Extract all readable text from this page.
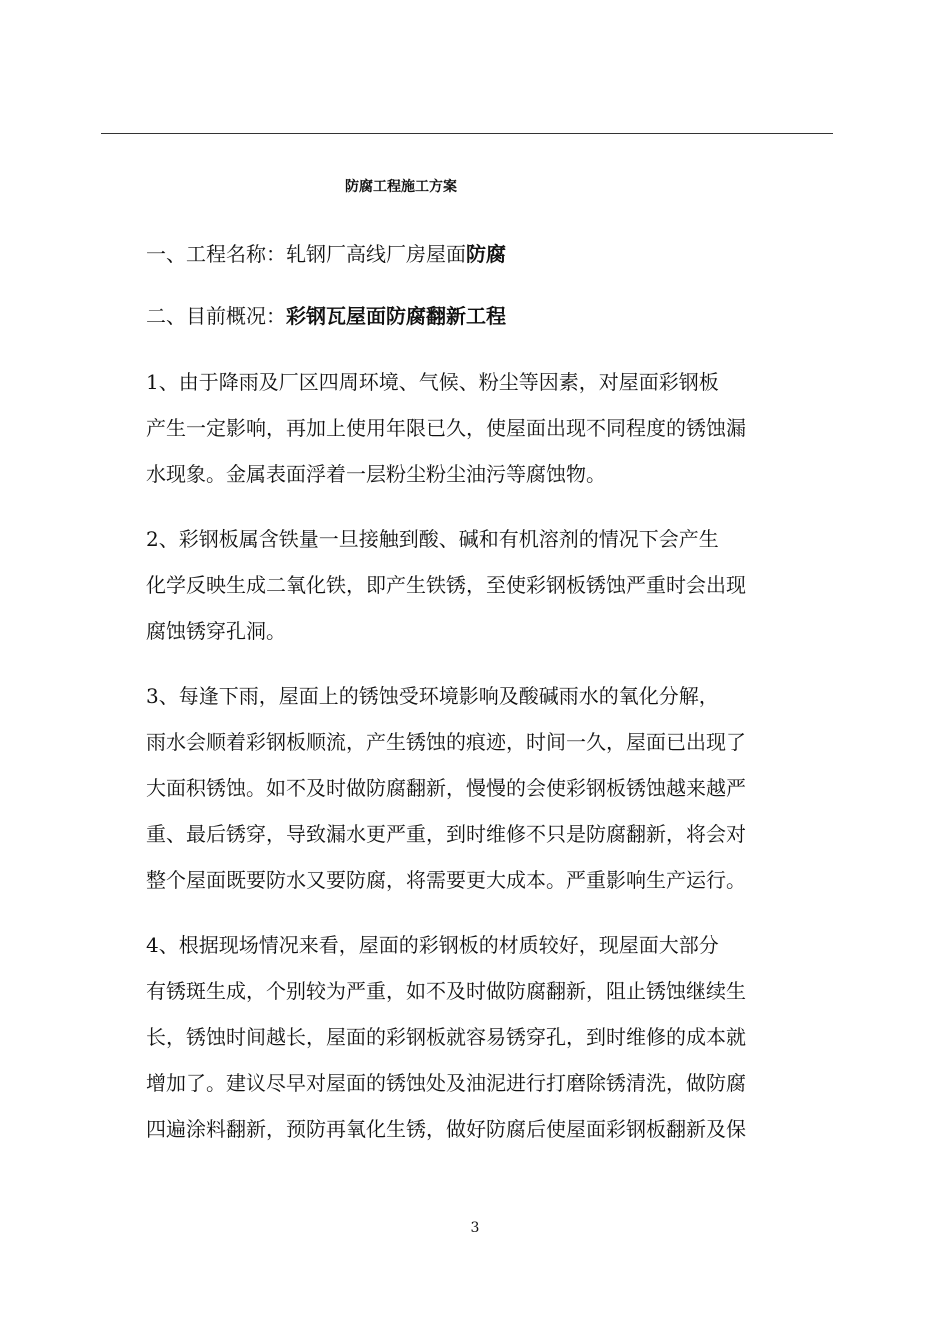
防腐工程施工方案
一、工程名称：轧钢厂高线厂房屋面防腐
二、目前概况：彩钢瓦屋面防腐翻新工程
1、由于降雨及厂区四周环境、气候、粉尘等因素，对屋面彩钢板
产生一定影响，再加上使用年限已久，使屋面出现不同程度的锈蚀漏
水现象。金属表面浮着一层粉尘粉尘油污等腐蚀物。
2、彩钢板属含铁量一旦接触到酸、碱和有机溶剂的情况下会产生
化学反映生成二氧化铁，即产生铁锈，至使彩钢板锈蚀严重时会出现
腐蚀锈穿孔洞。
3、每逢下雨，屋面上的锈蚀受环境影响及酸碱雨水的氧化分解，
雨水会顺着彩钢板顺流，产生锈蚀的痕迹，时间一久，屋面已出现了
大面积锈蚀。如不及时做防腐翻新，慢慢的会使彩钢板锈蚀越来越严
重、最后锈穿，导致漏水更严重，到时维修不只是防腐翻新，将会对
整个屋面既要防水又要防腐，将需要更大成本。严重影响生产运行。
4、根据现场情况来看，屋面的彩钢板的材质较好，现屋面大部分
有锈斑生成，个别较为严重，如不及时做防腐翻新，阻止锈蚀继续生
长，锈蚀时间越长，屋面的彩钢板就容易锈穿孔，到时维修的成本就
增加了。建议尽早对屋面的锈蚀处及油泥进行打磨除锈清洗，做防腐
四遍涂料翻新，预防再氧化生锈，做好防腐后使屋面彩钢板翻新及保
3
